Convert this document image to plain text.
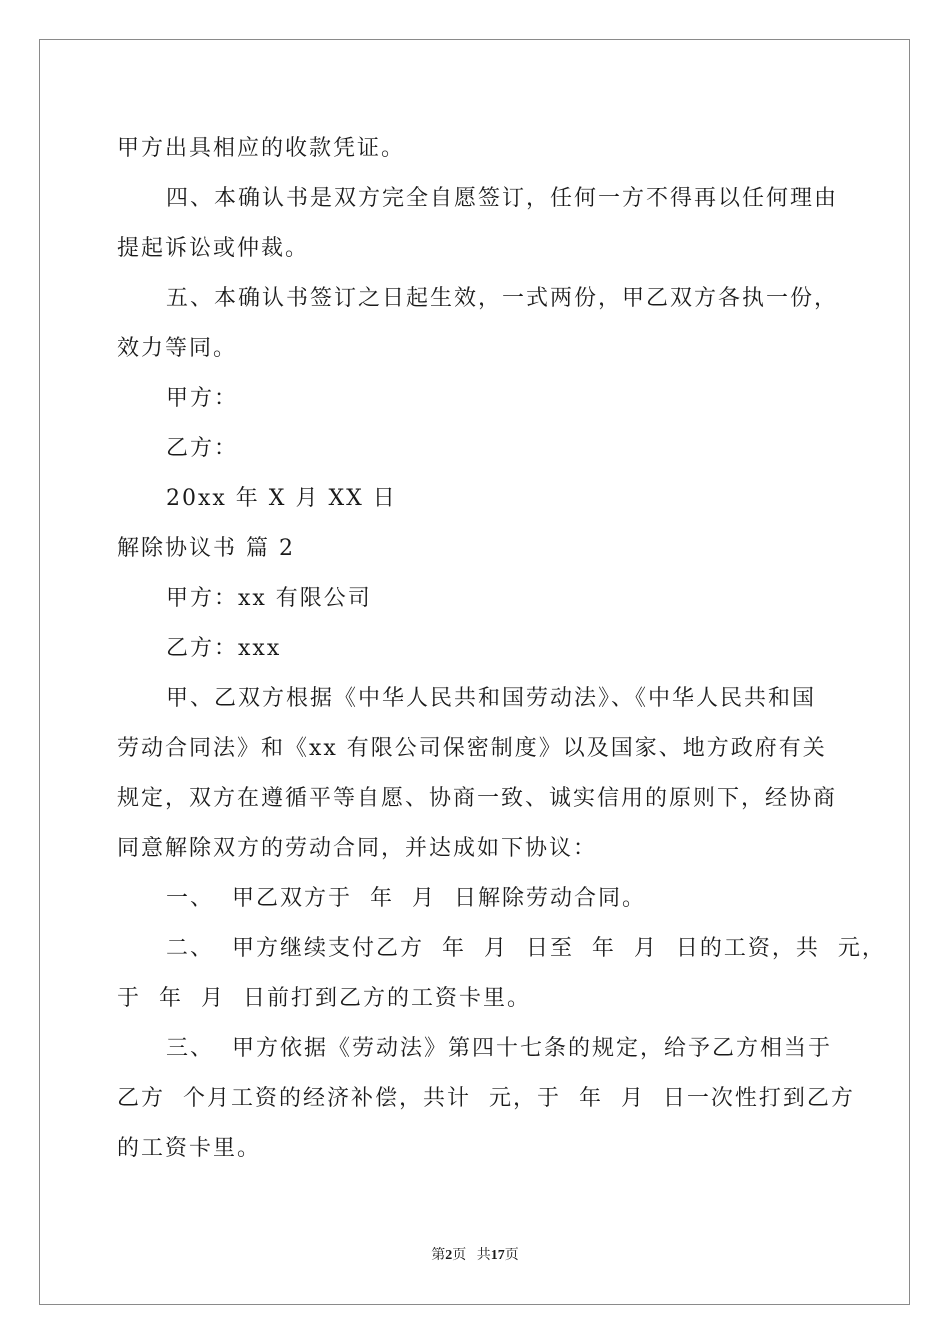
甲方出具相应的收款凭证。
四、本确认书是双方完全自愿签订，任何一方不得再以任何理由
提起诉讼或仲裁。
五、本确认书签订之日起生效，一式两份，甲乙双方各执一份，
效力等同。
甲方：
乙方：
20xx 年 X 月 XX 日
解除协议书 篇 2
甲方：xx 有限公司
乙方：xxx
甲、乙双方根据《中华人民共和国劳动法》、《中华人民共和国
劳动合同法》和《xx 有限公司保密制度》以及国家、地方政府有关
规定，双方在遵循平等自愿、协商一致、诚实信用的原则下，经协商
同意解除双方的劳动合同，并达成如下协议：
一、  甲乙双方于  年  月  日解除劳动合同。
二、  甲方继续支付乙方  年  月  日至  年  月  日的工资，共  元，
于  年  月  日前打到乙方的工资卡里。
三、  甲方依据《劳动法》第四十七条的规定，给予乙方相当于
乙方  个月工资的经济补偿，共计  元，于  年  月  日一次性打到乙方
的工资卡里。
第2页 共17页
